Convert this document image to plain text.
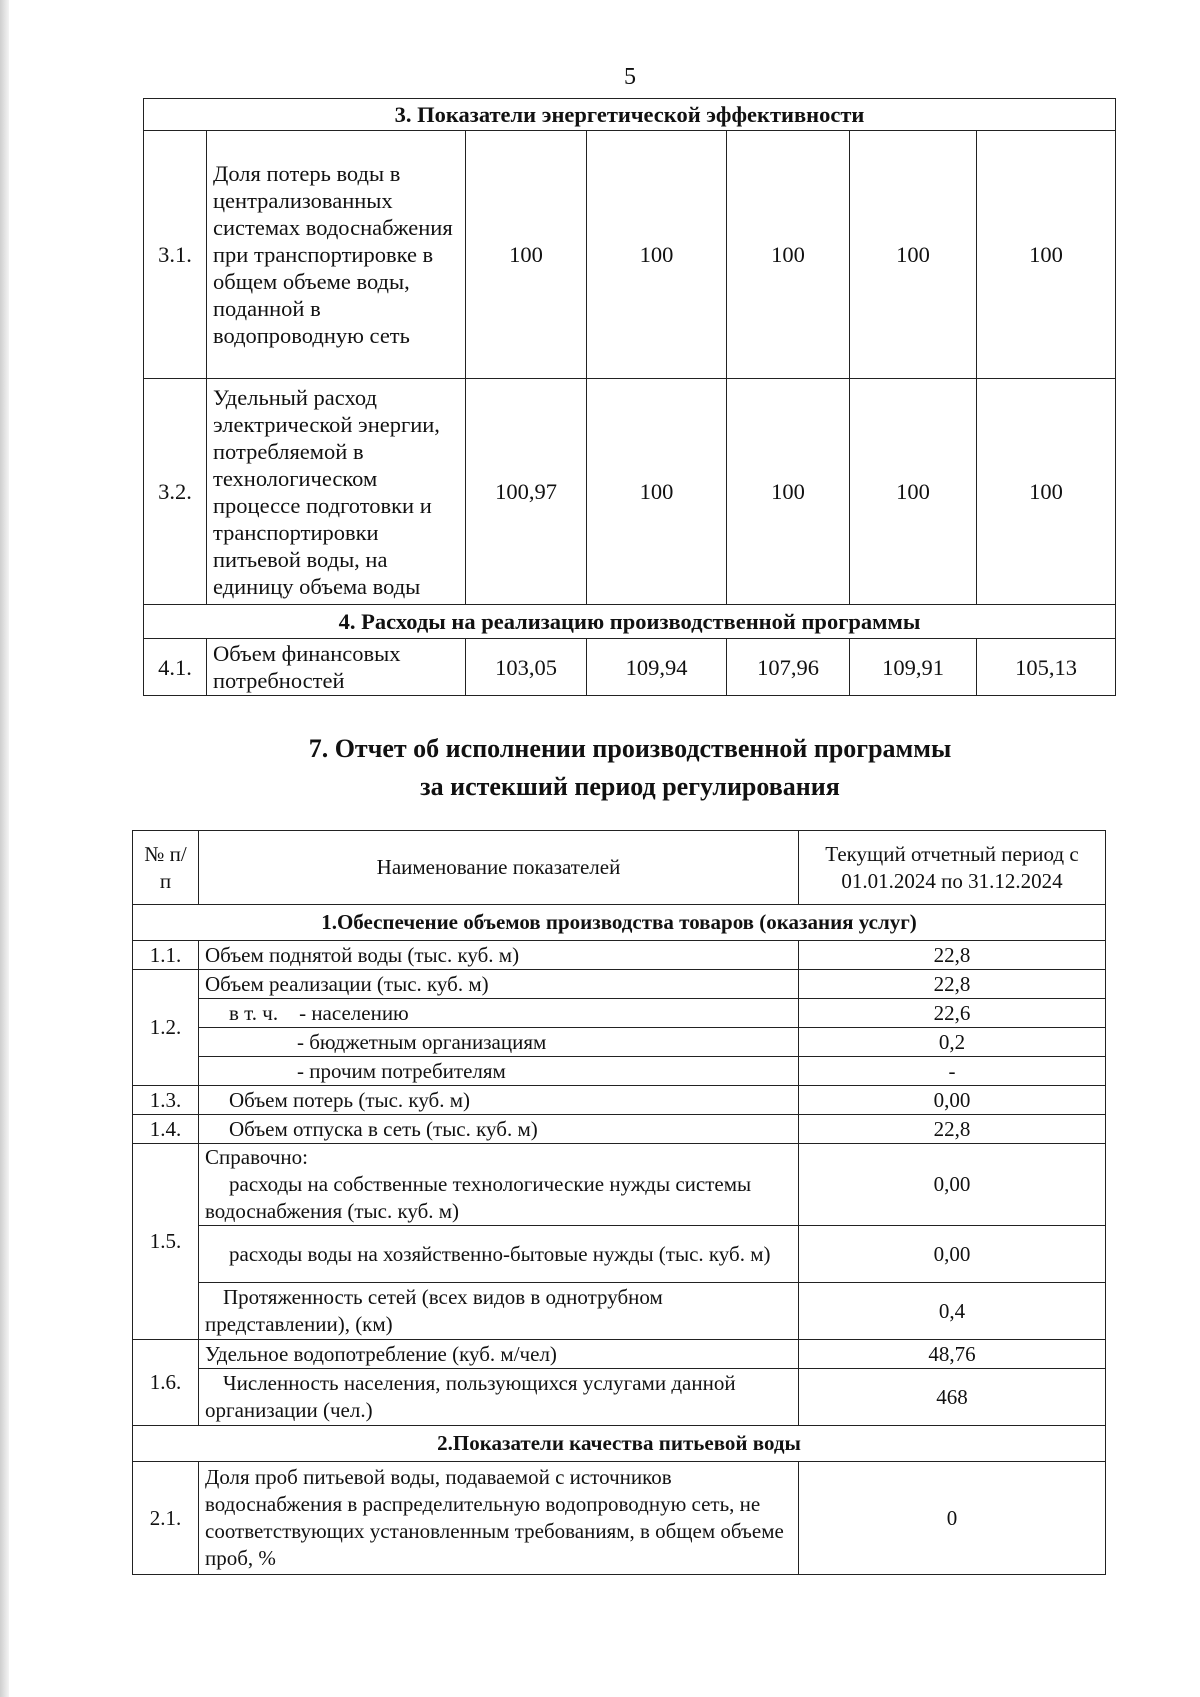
5
3. Показатели энергетической эффективности						
3.1.	Доля потерь воды в централизованных системах водоснабжения при транспортировке в общем объеме воды, поданной в водопроводную сеть	100	100	100	100	100
3.2.	Удельный расход электрической энергии, потребляемой в технологическом процессе подготовки и транспортировки питьевой воды, на единицу объема воды	100,97	100	100	100	100
4. Расходы на реализацию производственной программы						
4.1.	Объем финансовых потребностей	103,05	109,94	107,96	109,91	105,13
7. Отчет об исполнении производственной программы
за истекший период регулирования
№ п/п	Наименование показателей	Текущий отчетный период с 01.01.2024 по 31.12.2024
1.Обеспечение объемов производства товаров (оказания услуг)		
1.1.	Объем поднятой воды (тыс. куб. м)	22,8
1.2.	Объем реализации (тыс. куб. м)	22,8
	в т. ч.    - населению	22,6
	- бюджетным организациям	0,2
	- прочим потребителям	-
1.3.	Объем потерь (тыс. куб. м)	0,00
1.4.	Объем отпуска в сеть (тыс. куб. м)	22,8
1.5.	Справочно:
расходы на собственные технологические нужды системы водоснабжения (тыс. куб. м)	0,00
	расходы воды на хозяйственно-бытовые нужды (тыс. куб. м)	0,00
	Протяженность сетей (всех видов в однотрубном представлении), (км)	0,4
1.6.	Удельное водопотребление (куб. м/чел)	48,76
	Численность населения, пользующихся услугами данной организации (чел.)	468
2.Показатели качества питьевой воды		
2.1.	Доля проб питьевой воды, подаваемой с источников водоснабжения в распределительную водопроводную сеть, не соответствующих установленным требованиям, в общем объеме проб, %	0
